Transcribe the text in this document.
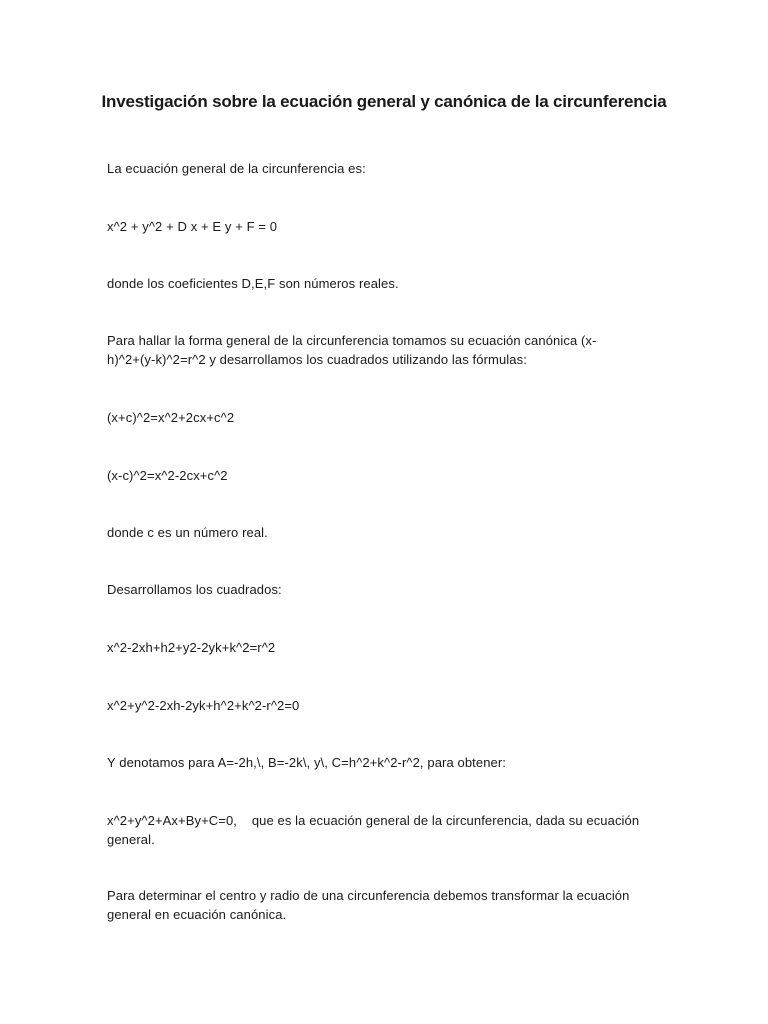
Investigación sobre la ecuación general y canónica de la circunferencia
La ecuación general de la circunferencia es:
x^2 + y^2 + D x + E y + F = 0
donde los coeficientes D,E,F son números reales.
Para hallar la forma general de la circunferencia tomamos su ecuación canónica (x-h)^2+(y-k)^2=r^2 y desarrollamos los cuadrados utilizando las fórmulas:
(x+c)^2=x^2+2cx+c^2
(x-c)^2=x^2-2cx+c^2
donde c es un número real.
Desarrollamos los cuadrados:
x^2-2xh+h2+y2-2yk+k^2=r^2
x^2+y^2-2xh-2yk+h^2+k^2-r^2=0
Y denotamos para A=-2h,\, B=-2k\, y\, C=h^2+k^2-r^2, para obtener:
x^2+y^2+Ax+By+C=0,    que es la ecuación general de la circunferencia, dada su ecuación general.
Para determinar el centro y radio de una circunferencia debemos transformar la ecuación general en ecuación canónica.
